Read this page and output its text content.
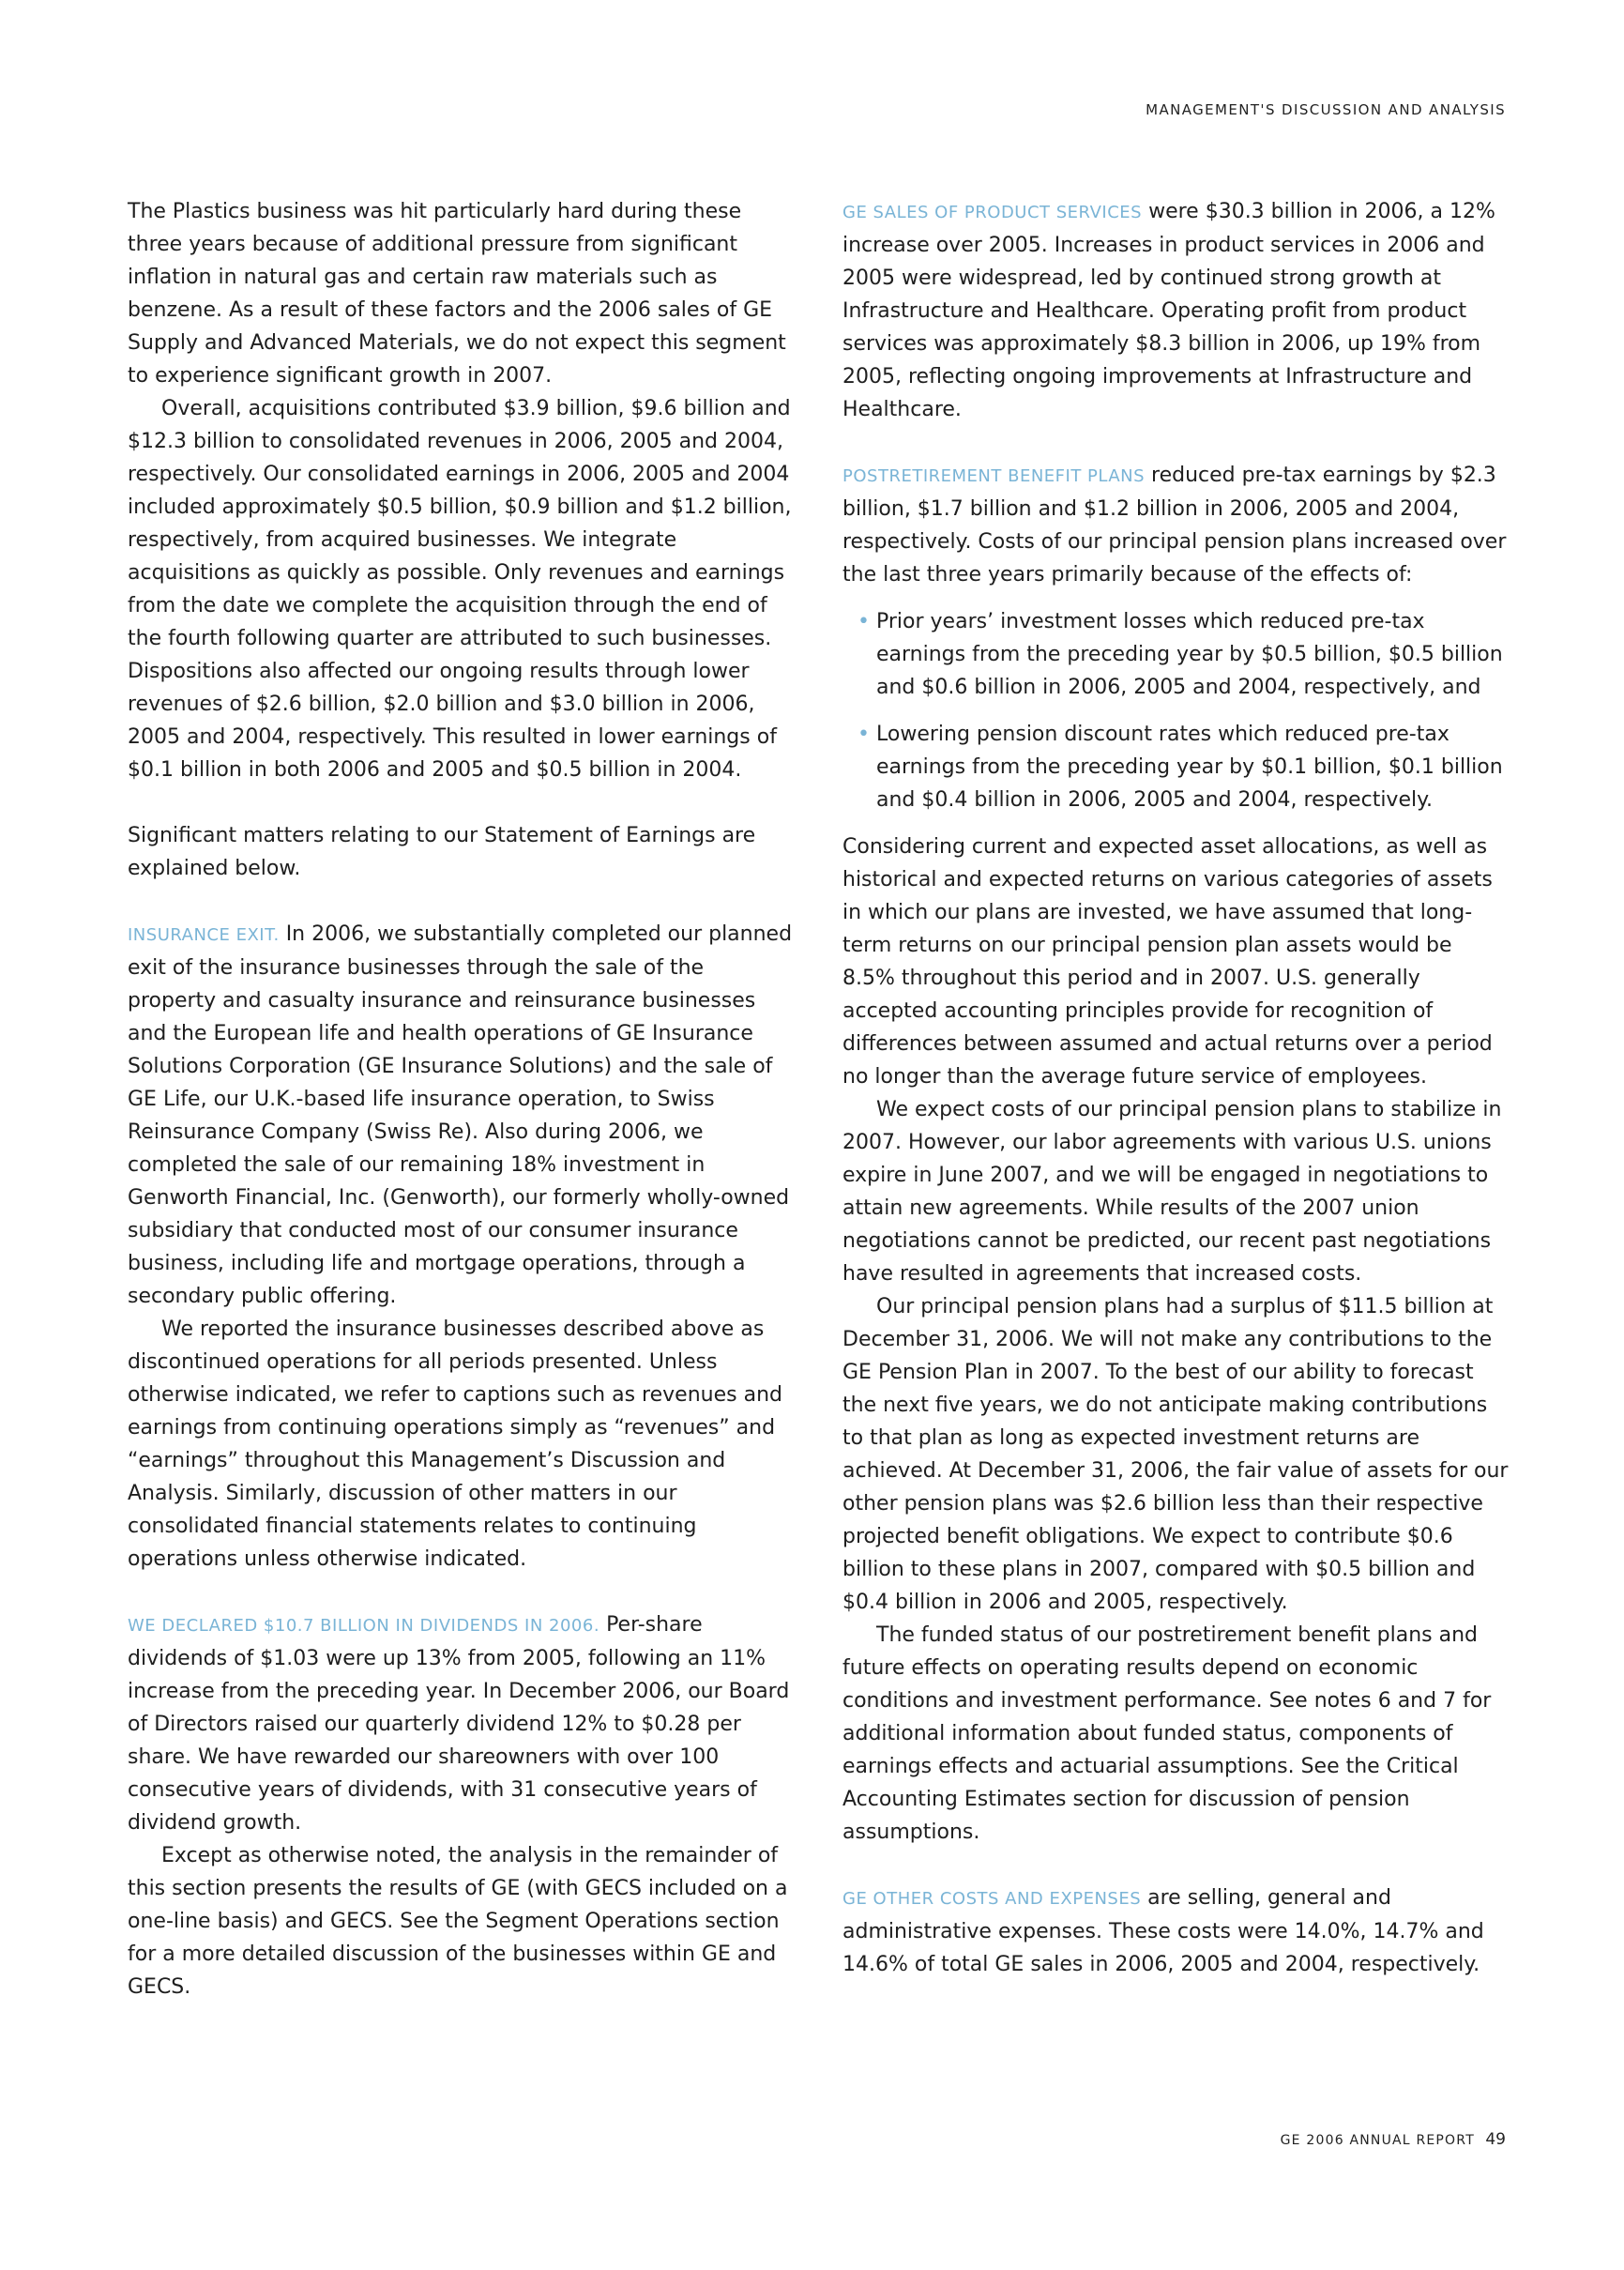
MANAGEMENT'S DISCUSSION AND ANALYSIS

The Plastics business was hit particularly hard during these three years because of additional pressure from significant inflation in natural gas and certain raw materials such as benzene. As a result of these factors and the 2006 sales of GE Supply and Advanced Materials, we do not expect this segment to experience significant growth in 2007.

Overall, acquisitions contributed $3.9 billion, $9.6 billion and $12.3 billion to consolidated revenues in 2006, 2005 and 2004, respectively. Our consolidated earnings in 2006, 2005 and 2004 included approximately $0.5 billion, $0.9 billion and $1.2 billion, respectively, from acquired businesses. We integrate acquisitions as quickly as possible. Only revenues and earnings from the date we complete the acquisition through the end of the fourth following quarter are attributed to such businesses. Dispositions also affected our ongoing results through lower revenues of $2.6 billion, $2.0 billion and $3.0 billion in 2006, 2005 and 2004, respectively. This resulted in lower earnings of $0.1 billion in both 2006 and 2005 and $0.5 billion in 2004.

Significant matters relating to our Statement of Earnings are explained below.

INSURANCE EXIT. In 2006, we substantially completed our planned exit of the insurance businesses through the sale of the property and casualty insurance and reinsurance businesses and the European life and health operations of GE Insurance Solutions Corporation (GE Insurance Solutions) and the sale of GE Life, our U.K.-based life insurance operation, to Swiss Reinsurance Company (Swiss Re). Also during 2006, we completed the sale of our remaining 18% investment in Genworth Financial, Inc. (Genworth), our formerly wholly-owned subsidiary that conducted most of our consumer insurance business, including life and mortgage operations, through a secondary public offering.

We reported the insurance businesses described above as discontinued operations for all periods presented. Unless otherwise indicated, we refer to captions such as revenues and earnings from continuing operations simply as “revenues” and “earnings” throughout this Management’s Discussion and Analysis. Similarly, discussion of other matters in our consolidated financial statements relates to continuing operations unless otherwise indicated.

WE DECLARED $10.7 BILLION IN DIVIDENDS IN 2006. Per-share dividends of $1.03 were up 13% from 2005, following an 11% increase from the preceding year. In December 2006, our Board of Directors raised our quarterly dividend 12% to $0.28 per share. We have rewarded our shareowners with over 100 consecutive years of dividends, with 31 consecutive years of dividend growth.

Except as otherwise noted, the analysis in the remainder of this section presents the results of GE (with GECS included on a one-line basis) and GECS. See the Segment Operations section for a more detailed discussion of the businesses within GE and GECS.

GE SALES OF PRODUCT SERVICES were $30.3 billion in 2006, a 12% increase over 2005. Increases in product services in 2006 and 2005 were widespread, led by continued strong growth at Infrastructure and Healthcare. Operating profit from product services was approximately $8.3 billion in 2006, up 19% from 2005, reflecting ongoing improvements at Infrastructure and Healthcare.

POSTRETIREMENT BENEFIT PLANS reduced pre-tax earnings by $2.3 billion, $1.7 billion and $1.2 billion in 2006, 2005 and 2004, respectively. Costs of our principal pension plans increased over the last three years primarily because of the effects of:

• Prior years’ investment losses which reduced pre-tax earnings from the preceding year by $0.5 billion, $0.5 billion and $0.6 billion in 2006, 2005 and 2004, respectively, and
• Lowering pension discount rates which reduced pre-tax earnings from the preceding year by $0.1 billion, $0.1 billion and $0.4 billion in 2006, 2005 and 2004, respectively.

Considering current and expected asset allocations, as well as historical and expected returns on various categories of assets in which our plans are invested, we have assumed that long-term returns on our principal pension plan assets would be 8.5% throughout this period and in 2007. U.S. generally accepted accounting principles provide for recognition of differences between assumed and actual returns over a period no longer than the average future service of employees.

We expect costs of our principal pension plans to stabilize in 2007. However, our labor agreements with various U.S. unions expire in June 2007, and we will be engaged in negotiations to attain new agreements. While results of the 2007 union negotiations cannot be predicted, our recent past negotiations have resulted in agreements that increased costs.

Our principal pension plans had a surplus of $11.5 billion at December 31, 2006. We will not make any contributions to the GE Pension Plan in 2007. To the best of our ability to forecast the next five years, we do not anticipate making contributions to that plan as long as expected investment returns are achieved. At December 31, 2006, the fair value of assets for our other pension plans was $2.6 billion less than their respective projected benefit obligations. We expect to contribute $0.6 billion to these plans in 2007, compared with $0.5 billion and $0.4 billion in 2006 and 2005, respectively.

The funded status of our postretirement benefit plans and future effects on operating results depend on economic conditions and investment performance. See notes 6 and 7 for additional information about funded status, components of earnings effects and actuarial assumptions. See the Critical Accounting Estimates section for discussion of pension assumptions.

GE OTHER COSTS AND EXPENSES are selling, general and administrative expenses. These costs were 14.0%, 14.7% and 14.6% of total GE sales in 2006, 2005 and 2004, respectively.

GE 2006 ANNUAL REPORT 49
